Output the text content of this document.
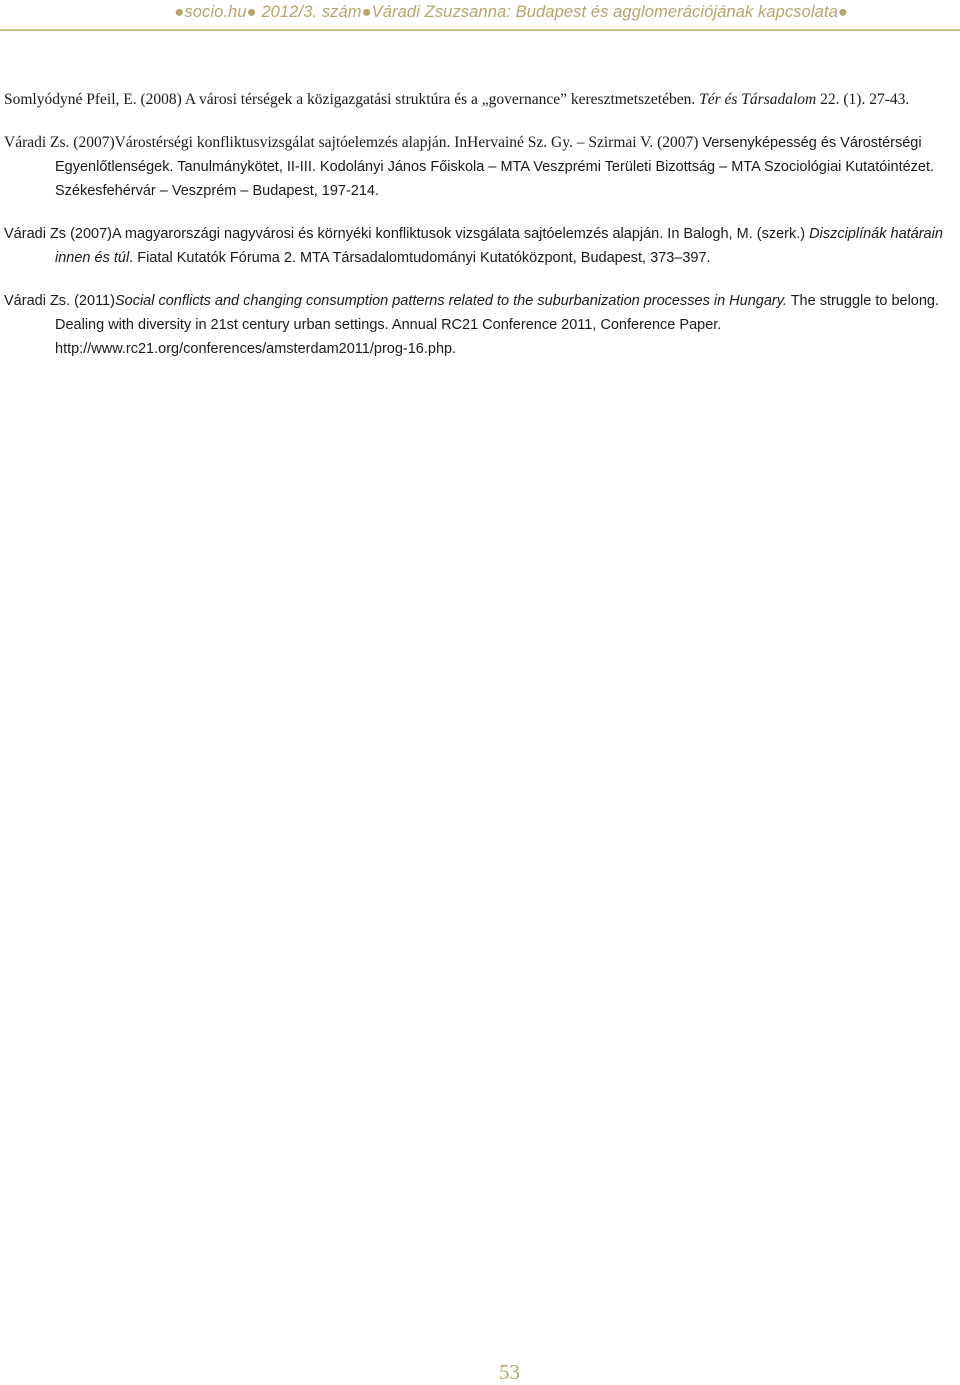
●socio.hu● 2012/3. szám●Váradi Zsuzsanna: Budapest és agglomerációjának kapcsolata●

Somlyódyné Pfeil, E. (2008) A városi térségek a közigazgatási struktúra és a „governance” keresztmetszetében. Tér és Társadalom 22. (1). 27-43.

Váradi Zs. (2007)Várostérségi konfliktusvizsgálat sajtóelemzés alapján. InHervainé Sz. Gy. – Szirmai V. (2007) Versenyképesség és Várostérségi Egyenlőtlenségek. Tanulmánykötet, II-III. Kodolányi János Főiskola – MTA Veszprémi Területi Bizottság – MTA Szociológiai Kutatóintézet. Székesfehérvár – Veszprém – Budapest, 197-214.

Váradi Zs (2007)A magyarországi nagyvárosi és környéki konfliktusok vizsgálata sajtóelemzés alapján. In Balogh, M. (szerk.) Diszciplínák határain innen és túl. Fiatal Kutatók Fóruma 2. MTA Társadalomtudományi Kutatóközpont, Budapest, 373–397.

Váradi Zs. (2011)Social conflicts and changing consumption patterns related to the suburbanization processes in Hungary. The struggle to belong. Dealing with diversity in 21st century urban settings. Annual RC21 Conference 2011, Conference Paper. http://www.rc21.org/conferences/amsterdam2011/prog-16.php.

53
